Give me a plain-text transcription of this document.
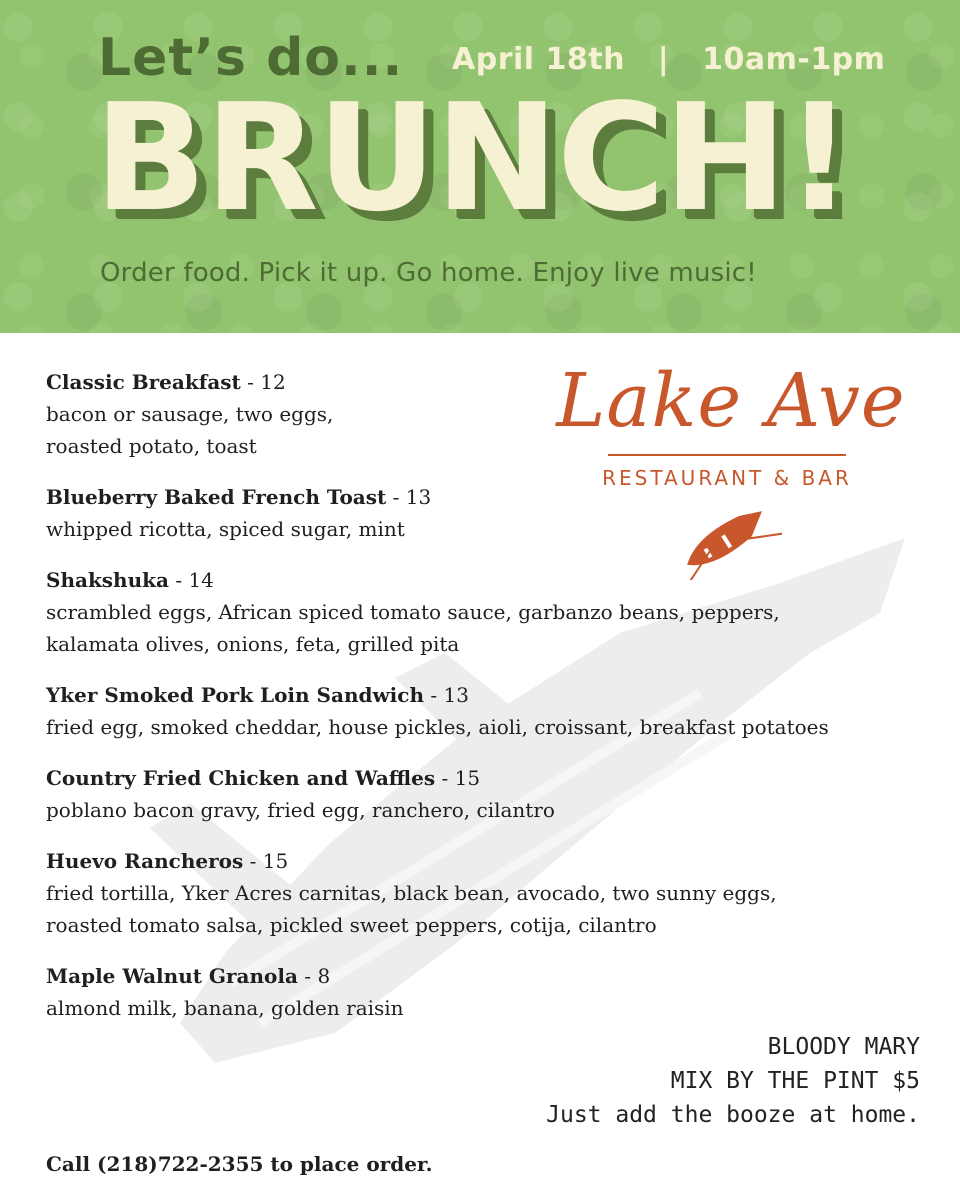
Let’s do... April 18th | 10am-1pm
BRUNCH!
Order food. Pick it up. Go home. Enjoy live music!
Lake Ave
RESTAURANT & BAR
Classic Breakfast - 12
bacon or sausage, two eggs,
roasted potato, toast
Blueberry Baked French Toast - 13
whipped ricotta, spiced sugar, mint
Shakshuka - 14
scrambled eggs, African spiced tomato sauce, garbanzo beans, peppers,
kalamata olives, onions, feta, grilled pita
Yker Smoked Pork Loin Sandwich - 13
fried egg, smoked cheddar, house pickles, aioli, croissant, breakfast potatoes
Country Fried Chicken and Waffles - 15
poblano bacon gravy, fried egg, ranchero, cilantro
Huevo Rancheros - 15
fried tortilla, Yker Acres carnitas, black bean, avocado, two sunny eggs,
roasted tomato salsa, pickled sweet peppers, cotija, cilantro
Maple Walnut Granola - 8
almond milk, banana, golden raisin
BLOODY MARY
MIX BY THE PINT $5
Just add the booze at home.
Call (218)722-2355 to place order.
